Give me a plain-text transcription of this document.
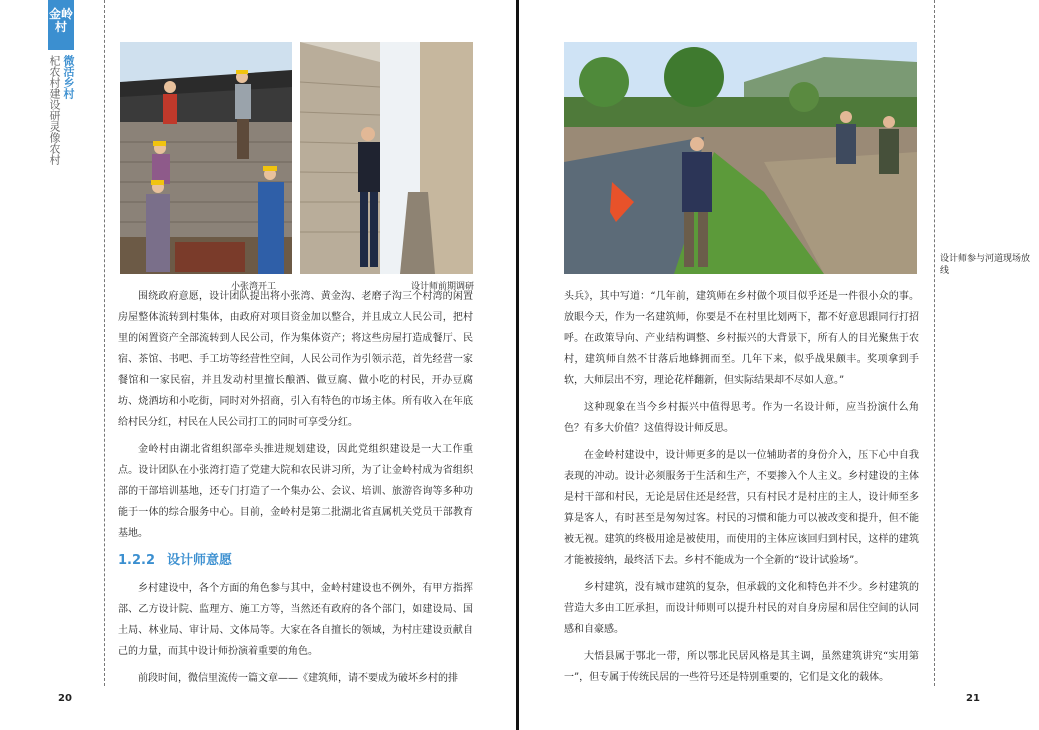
金岭村
微活乡村
杞农村建设研灵像农村
小张湾开工	设计师前期调研
设计师参与河道现场放线

围绕政府意愿，设计团队提出将小张湾、黄金沟、老磨子沟三个村湾的闲置房屋整体流转到村集体，由政府对项目资金加以整合，并且成立人民公司，把村里的闲置资产全部流转到人民公司，作为集体资产；将这些房屋打造成餐厅、民宿、茶馆、书吧、手工坊等经营性空间，人民公司作为引领示范，首先经营一家餐馆和一家民宿，并且发动村里擅长酿酒、做豆腐、做小吃的村民，开办豆腐坊、烧酒坊和小吃街，同时对外招商，引入有特色的市场主体。所有收入在年底给村民分红，村民在人民公司打工的同时可享受分红。

金岭村由湖北省组织部牵头推进规划建设，因此党组织建设是一大工作重点。设计团队在小张湾打造了党建大院和农民讲习所，为了让金岭村成为省组织部的干部培训基地，还专门打造了一个集办公、会议、培训、旅游咨询等多种功能于一体的综合服务中心。目前，金岭村是第二批湖北省直属机关党员干部教育基地。

1.2.2 设计师意愿

乡村建设中，各个方面的角色参与其中，金岭村建设也不例外，有甲方指挥部、乙方设计院、监理方、施工方等，当然还有政府的各个部门，如建设局、国土局、林业局、审计局、文体局等。大家在各自擅长的领域，为村庄建设贡献自己的力量，而其中设计师扮演着重要的角色。

前段时间，微信里流传一篇文章——《建筑师，请不要成为破坏乡村的排

头兵》，其中写道：“几年前，建筑师在乡村做个项目似乎还是一件很小众的事。放眼今天，作为一名建筑师，你要是不在村里比划两下，都不好意思跟同行打招呼。在政策导向、产业结构调整、乡村振兴的大背景下，所有人的目光聚焦于农村，建筑师自然不甘落后地蜂拥而至。几年下来，似乎战果颇丰。奖项拿到手软，大师层出不穷，理论花样翻新，但实际结果却不尽如人意。”

这种现象在当今乡村振兴中值得思考。作为一名设计师，应当扮演什么角色？有多大价值？这值得设计师反思。

在金岭村建设中，设计师更多的是以一位辅助者的身份介入，压下心中自我表现的冲动。设计必须服务于生活和生产，不要掺入个人主义。乡村建设的主体是村干部和村民，无论是居住还是经营，只有村民才是村庄的主人，设计师至多算是客人，有时甚至是匆匆过客。村民的习惯和能力可以被改变和提升，但不能被无视。建筑的终极用途是被使用，而使用的主体应该回归到村民，这样的建筑才能被接纳，最终活下去。乡村不能成为一个全新的“设计试验场”。

乡村建筑，没有城市建筑的复杂，但承载的文化和特色并不少。乡村建筑的营造大多由工匠承担，而设计师则可以提升村民的对自身房屋和居住空间的认同感和自豪感。

大悟县属于鄂北一带，所以鄂北民居风格是其主调，虽然建筑讲究“实用第一”，但专属于传统民居的一些符号还是特别重要的，它们是文化的载体。

20	21
